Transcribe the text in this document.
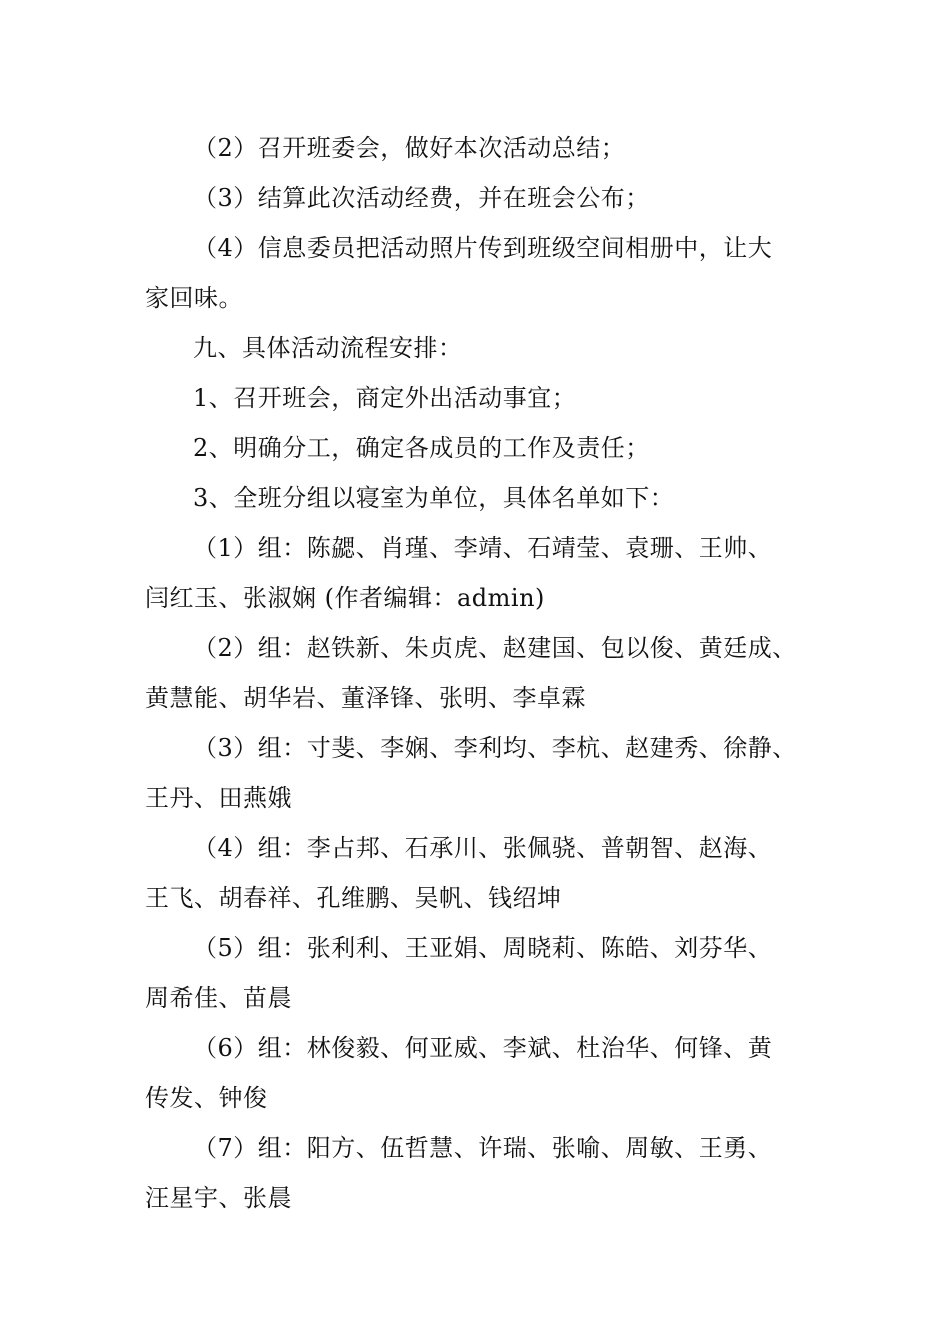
（2）召开班委会，做好本次活动总结；

（3）结算此次活动经费，并在班会公布；

（4）信息委员把活动照片传到班级空间相册中，让大
家回味。

九、具体活动流程安排：

1、召开班会，商定外出活动事宜；

2、明确分工，确定各成员的工作及责任；

3、全班分组以寝室为单位，具体名单如下：

（1）组：陈勰、肖瑾、李靖、石靖莹、袁珊、王帅、
闫红玉、张淑娴 (作者编辑：admin)

（2）组：赵铁新、朱贞虎、赵建国、包以俊、黄廷成、
黄慧能、胡华岩、董泽锋、张明、李卓霖

（3）组：寸斐、李娴、李利均、李杭、赵建秀、徐静、
王丹、田燕娥

（4）组：李占邦、石承川、张佩骁、普朝智、赵海、
王飞、胡春祥、孔维鹏、吴帆、钱绍坤

（5）组：张利利、王亚娟、周晓莉、陈皓、刘芬华、
周希佳、苗晨

（6）组：林俊毅、何亚威、李斌、杜治华、何锋、黄
传发、钟俊

（7）组：阳方、伍哲慧、许瑞、张喻、周敏、王勇、
汪星宇、张晨
